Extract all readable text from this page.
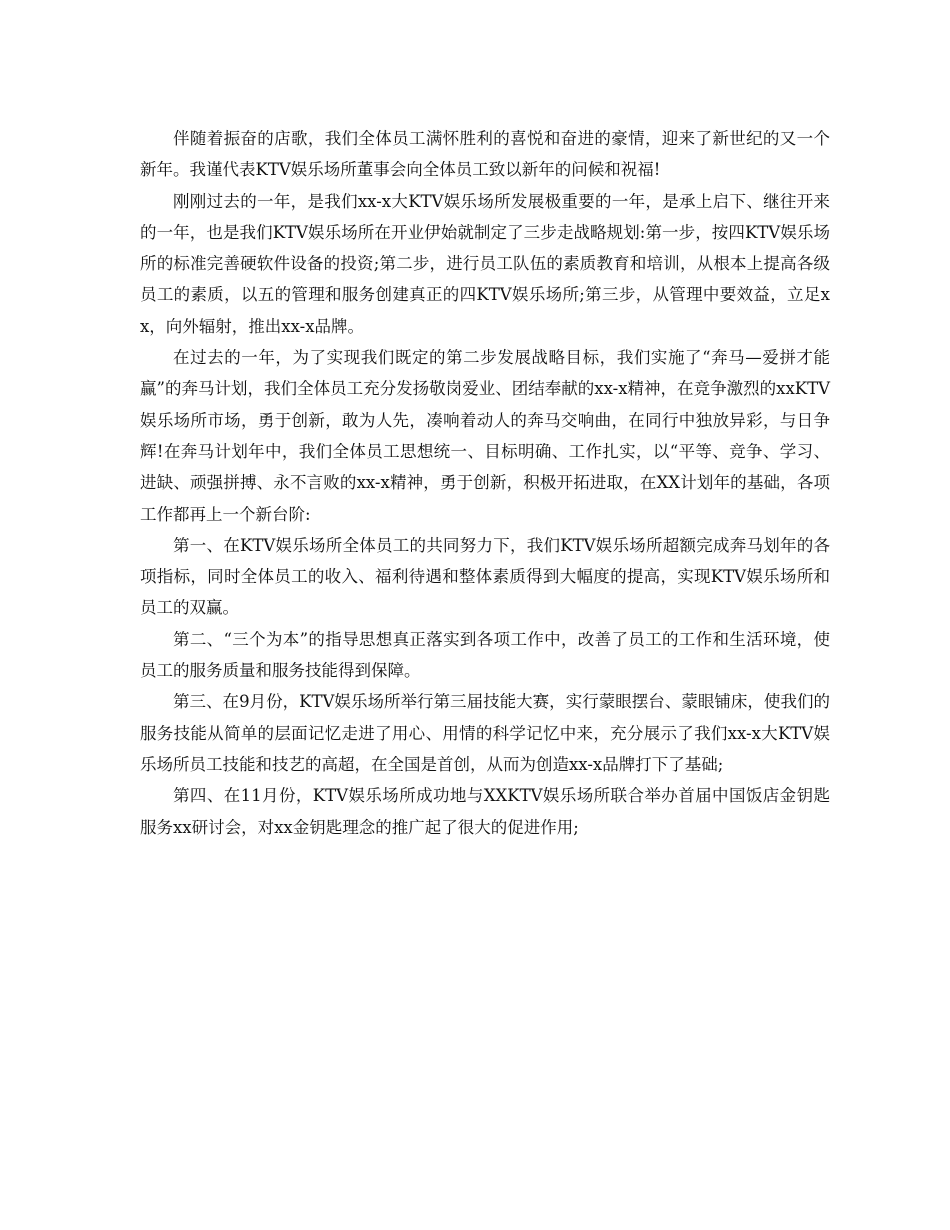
伴随着振奋的店歌，我们全体员工满怀胜利的喜悦和奋进的豪情，迎来了新世纪的又一个新年。我谨代表KTV娱乐场所董事会向全体员工致以新年的问候和祝福!

刚刚过去的一年，是我们xx-x大KTV娱乐场所发展极重要的一年，是承上启下、继往开来的一年，也是我们KTV娱乐场所在开业伊始就制定了三步走战略规划:第一步，按四KTV娱乐场所的标准完善硬软件设备的投资;第二步，进行员工队伍的素质教育和培训，从根本上提高各级员工的素质，以五的管理和服务创建真正的四KTV娱乐场所;第三步，从管理中要效益，立足xx，向外辐射，推出xx-x品牌。

在过去的一年，为了实现我们既定的第二步发展战略目标，我们实施了“奔马—爱拼才能赢”的奔马计划，我们全体员工充分发扬敬岗爱业、团结奉献的xx-x精神，在竞争激烈的xxKTV娱乐场所市场，勇于创新，敢为人先，凑响着动人的奔马交响曲，在同行中独放异彩，与日争辉!在奔马计划年中，我们全体员工思想统一、目标明确、工作扎实，以“平等、竞争、学习、进缺、顽强拼搏、永不言败的xx-x精神，勇于创新，积极开拓进取，在XX计划年的基础，各项工作都再上一个新台阶:

第一、在KTV娱乐场所全体员工的共同努力下，我们KTV娱乐场所超额完成奔马划年的各项指标，同时全体员工的收入、福利待遇和整体素质得到大幅度的提高，实现KTV娱乐场所和员工的双赢。

第二、“三个为本”的指导思想真正落实到各项工作中，改善了员工的工作和生活环境，使员工的服务质量和服务技能得到保障。

第三、在9月份，KTV娱乐场所举行第三届技能大赛，实行蒙眼摆台、蒙眼铺床，使我们的服务技能从简单的层面记忆走进了用心、用情的科学记忆中来，充分展示了我们xx-x大KTV娱乐场所员工技能和技艺的高超，在全国是首创，从而为创造xx-x品牌打下了基础;

第四、在11月份，KTV娱乐场所成功地与XXKTV娱乐场所联合举办首届中国饭店金钥匙服务xx研讨会，对xx金钥匙理念的推广起了很大的促进作用;
